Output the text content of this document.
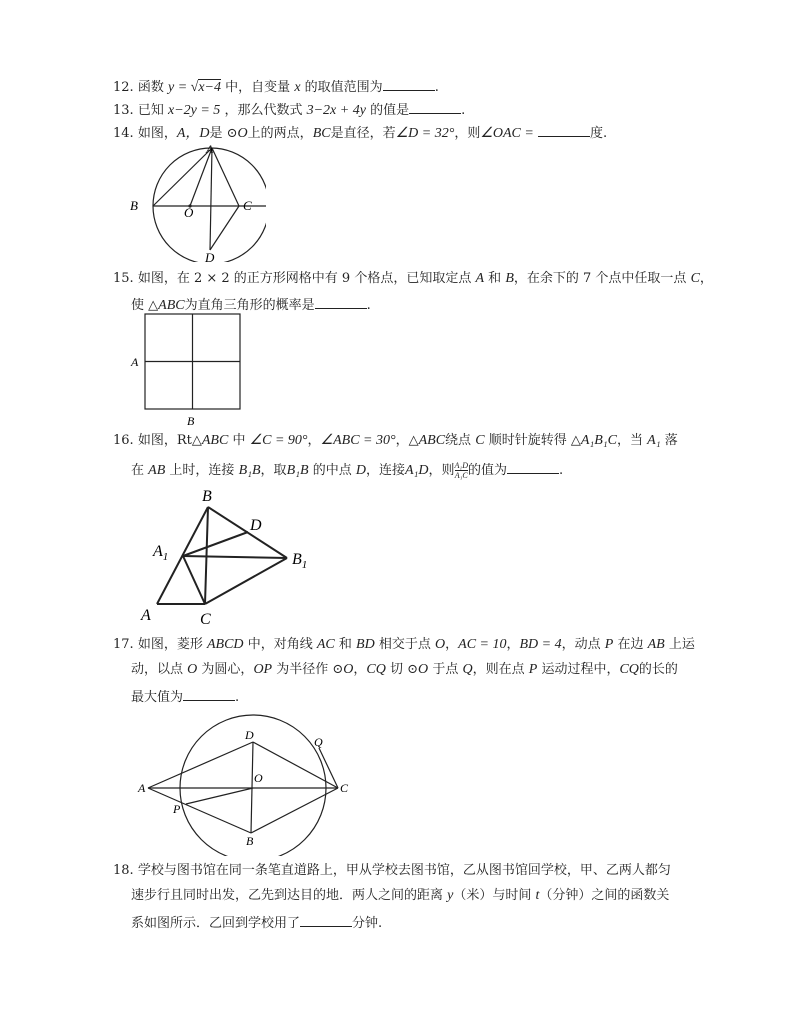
12. 函数 y = √x−4 中，自变量 x 的取值范围为	.
13. 已知 x−2y = 5 ，那么代数式 3−2x + 4y 的值是	.
14. 如图，A，D是 ⊙O上的两点，BC是直径，若∠D = 32°，则∠OAC =	度.
A
B	C
D
O
15. 如图，在 2 × 2 的正方形网格中有 9 个格点，已知取定点 A 和 B，在余下的 7 个点中任取一点 C，
使 △ABC为直角三角形的概率是	.
A
B
16. 如图，Rt△ABC 中 ∠C = 90°，∠ABC = 30°，△ABC绕点 C 顺时针旋转得 △A₁B₁C，当 A₁ 落
在 AB 上时，连接 B₁B，取B₁B 的中点 D，连接A₁D，则 $\frac{\text{A₁D}}{\text{A₁C}}$ 的值为	.
B
D
$A_1$	$B_1$
A	C
17. 如图，菱形 ABCD 中，对角线 AC 和 BD 相交于点 O，AC = 10，BD = 4，动点 P 在边 AB 上运
动，以点 O 为圆心，OP 为半径作 ⊙O，CQ 切 ⊙O 于点 Q，则在点 P 运动过程中，CQ的长的
最大值为	.
D	Q
O
A	C
P
B
18. 学校与图书馆在同一条笔直道路上，甲从学校去图书馆，乙从图书馆回学校，甲、乙两人都匀
速步行且同时出发，乙先到达目的地．两人之间的距离 y（米）与时间 t（分钟）之间的函数关
系如图所示．乙回到学校用了	分钟.
